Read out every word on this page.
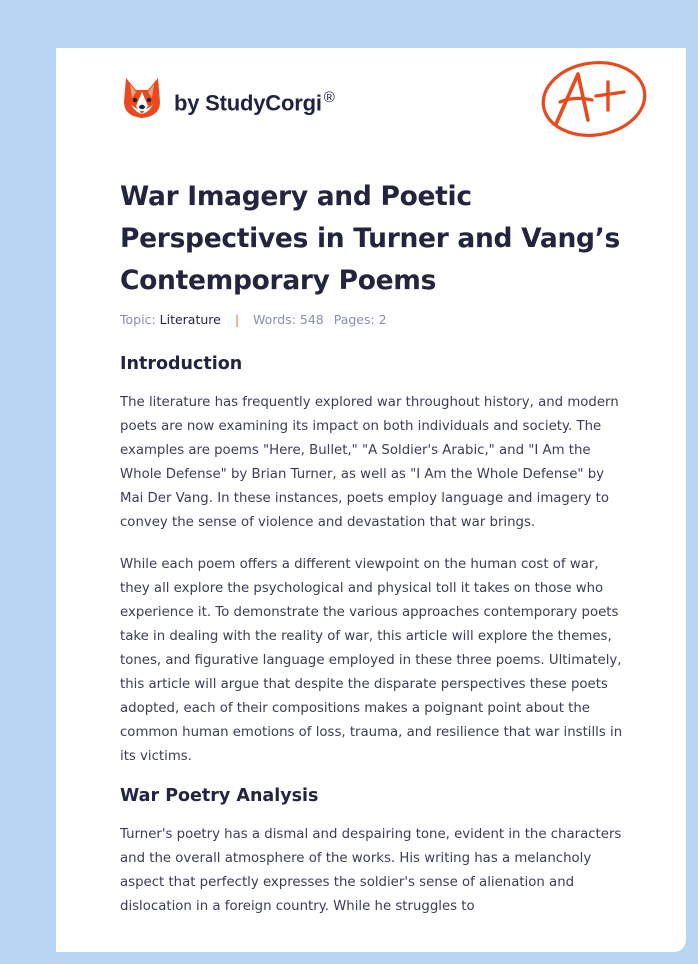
by StudyCorgi ®
War Imagery and Poetic Perspectives in Turner and Vang’s Contemporary Poems
Topic: Literature | Words: 548 Pages: 2
Introduction

The literature has frequently explored war throughout history, and modern poets are now examining its impact on both individuals and society. The examples are poems "Here, Bullet," "A Soldier's Arabic," and "I Am the Whole Defense" by Brian Turner, as well as "I Am the Whole Defense" by Mai Der Vang. In these instances, poets employ language and imagery to convey the sense of violence and devastation that war brings.

While each poem offers a different viewpoint on the human cost of war, they all explore the psychological and physical toll it takes on those who experience it. To demonstrate the various approaches contemporary poets take in dealing with the reality of war, this article will explore the themes, tones, and figurative language employed in these three poems. Ultimately, this article will argue that despite the disparate perspectives these poets adopted, each of their compositions makes a poignant point about the common human emotions of loss, trauma, and resilience that war instills in its victims.

War Poetry Analysis

Turner's poetry has a dismal and despairing tone, evident in the characters and the overall atmosphere of the works. His writing has a melancholy aspect that perfectly expresses the soldier's sense of alienation and dislocation in a foreign country. While he struggles to
